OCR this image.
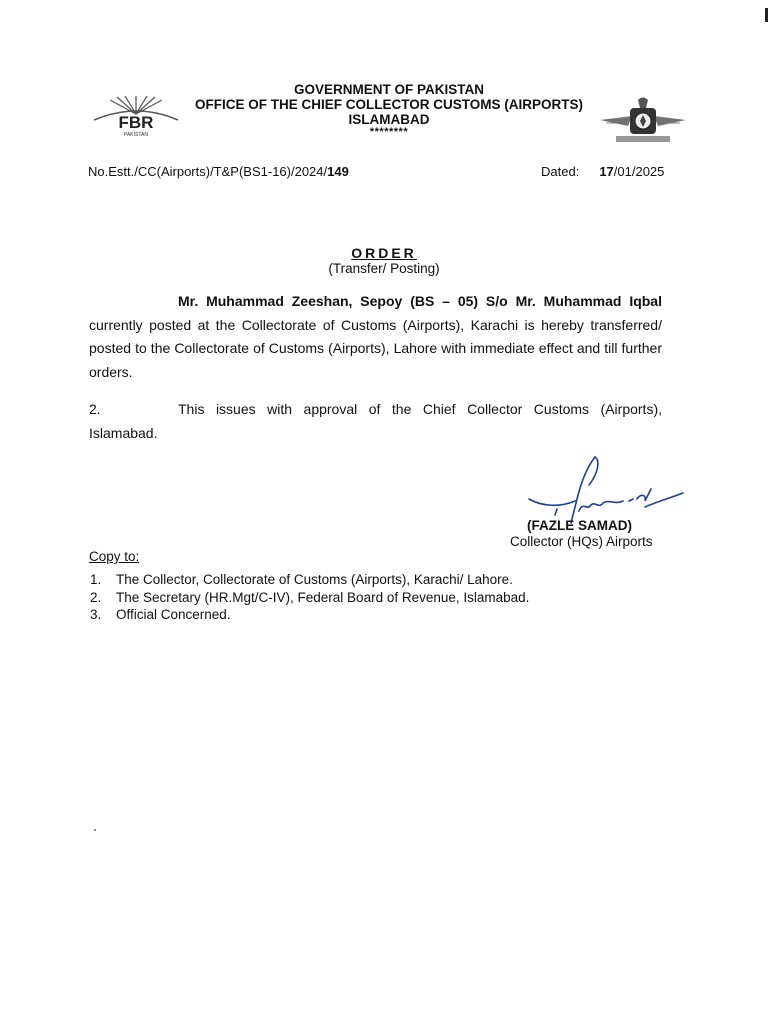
FBR
PAKISTAN
GOVERNMENT OF PAKISTAN
OFFICE OF THE CHIEF COLLECTOR CUSTOMS (AIRPORTS)
ISLAMABAD
********
No.Estt./CC(Airports)/T&P(BS1-16)/2024/149	Dated: 17/01/2025
ORDER
(Transfer/ Posting)
Mr. Muhammad Zeeshan, Sepoy (BS – 05) S/o Mr. Muhammad Iqbal currently posted at the Collectorate of Customs (Airports), Karachi is hereby transferred/ posted to the Collectorate of Customs (Airports), Lahore with immediate effect and till further orders.
2.	This issues with approval of the Chief Collector Customs (Airports), Islamabad.
(FAZLE SAMAD)
Collector (HQs) Airports
Copy to:
1. The Collector, Collectorate of Customs (Airports), Karachi/ Lahore.
2. The Secretary (HR.Mgt/C-IV), Federal Board of Revenue, Islamabad.
3. Official Concerned.
